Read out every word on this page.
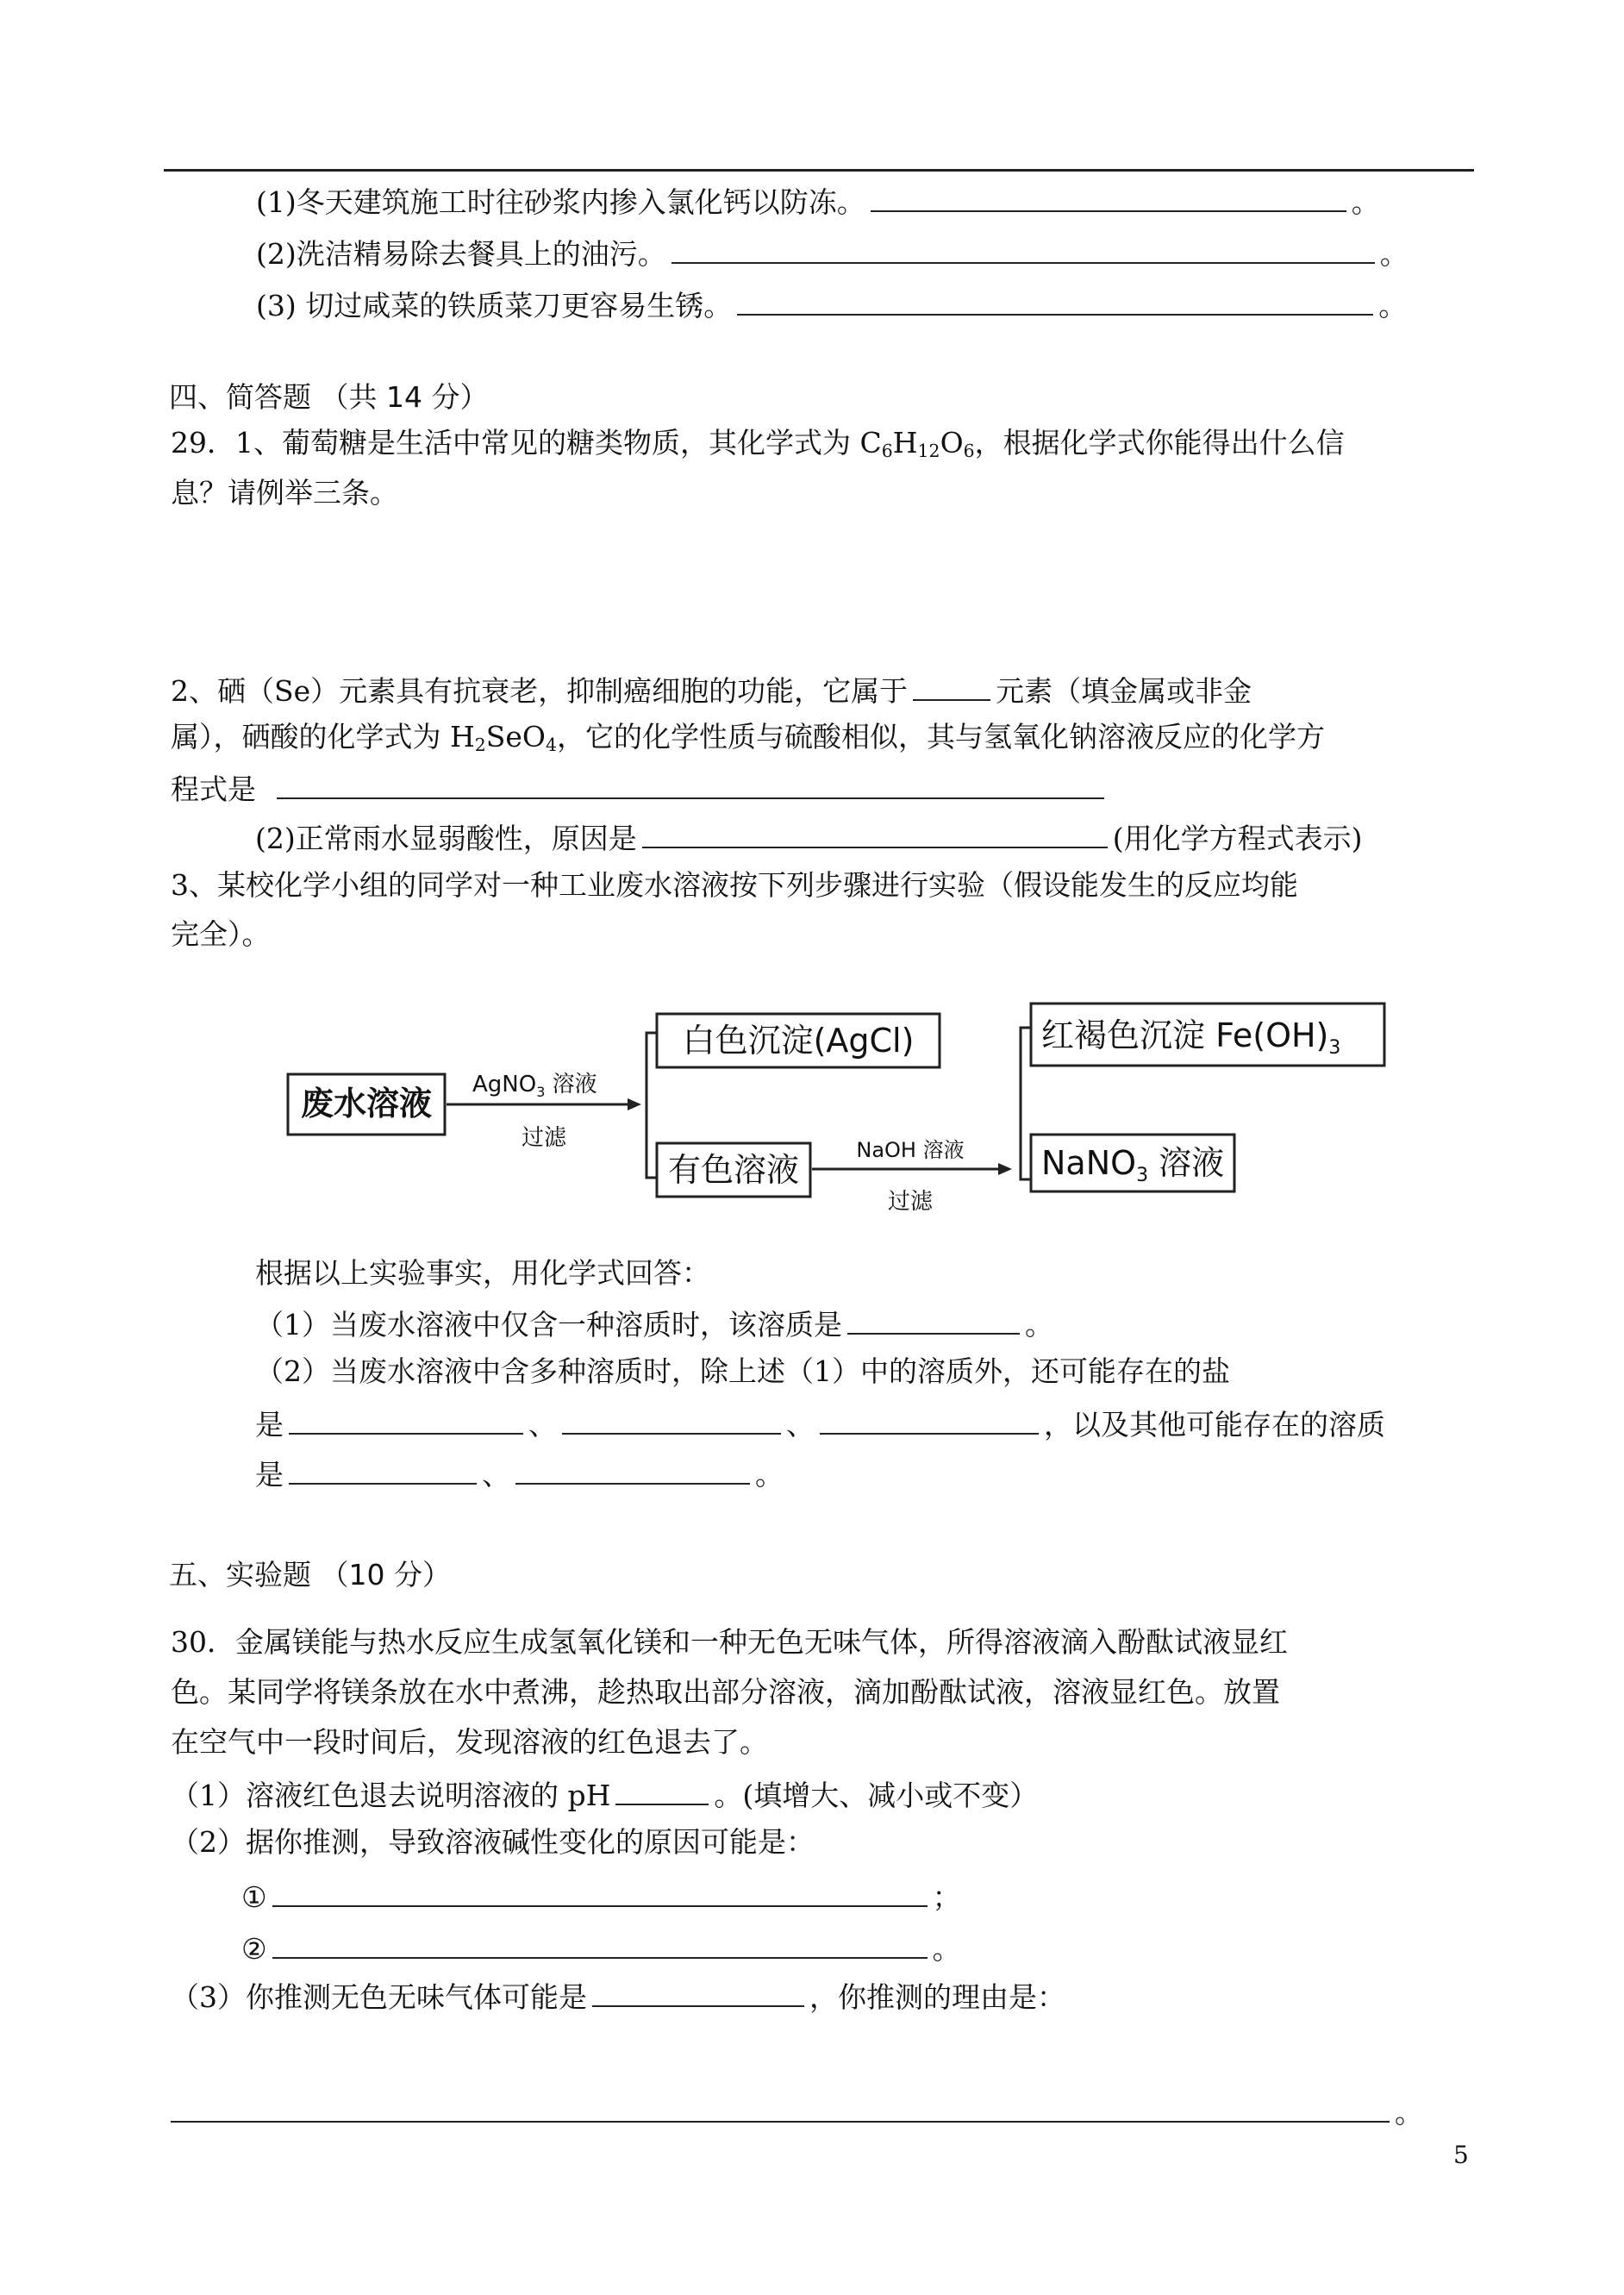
(1)冬天建筑施工时往砂浆内掺入氯化钙以防冻。	。
(2)洗洁精易除去餐具上的油污。	。
(3) 切过咸菜的铁质菜刀更容易生锈。	。
四、简答题 （共 14 分）
29．1、葡萄糖是生活中常见的糖类物质，其化学式为 $C_6H_{12}O_6$，根据化学式你能得出什么信
息？请例举三条。
2、硒（Se）元素具有抗衰老，抑制癌细胞的功能，它属于	元素（填金属或非金
属），硒酸的化学式为 $H_2SeO_4$，它的化学性质与硫酸相似，其与氢氧化钠溶液反应的化学方
程式是
(2)正常雨水显弱酸性，原因是	(用化学方程式表示)
3、某校化学小组的同学对一种工业废水溶液按下列步骤进行实验（假设能发生的反应均能
完全）。
废水溶液 AgNO$_3$ 溶液
过滤
白色沉淀(AgCl)
有色溶液
NaOH 溶液
过滤
红褐色沉淀 $Fe(OH)_3$
NaNO$_3$ 溶液
根据以上实验事实，用化学式回答：
（1）当废水溶液中仅含一种溶质时，该溶质是	。
（2）当废水溶液中含多种溶质时，除上述（1）中的溶质外，还可能存在的盐
是	、	、	，以及其他可能存在的溶质
是	、	。
五、实验题 （10 分）
30．金属镁能与热水反应生成氢氧化镁和一种无色无味气体，所得溶液滴入酚酞试液显红
色。某同学将镁条放在水中煮沸，趁热取出部分溶液，滴加酚酞试液，溶液显红色。放置
在空气中一段时间后，发现溶液的红色退去了。
（1）溶液红色退去说明溶液的 pH	。(填增大、减小或不变）
（2）据你推测，导致溶液碱性变化的原因可能是：
①	；
②	。
（3）你推测无色无味气体可能是	，你推测的理由是：
。
5
